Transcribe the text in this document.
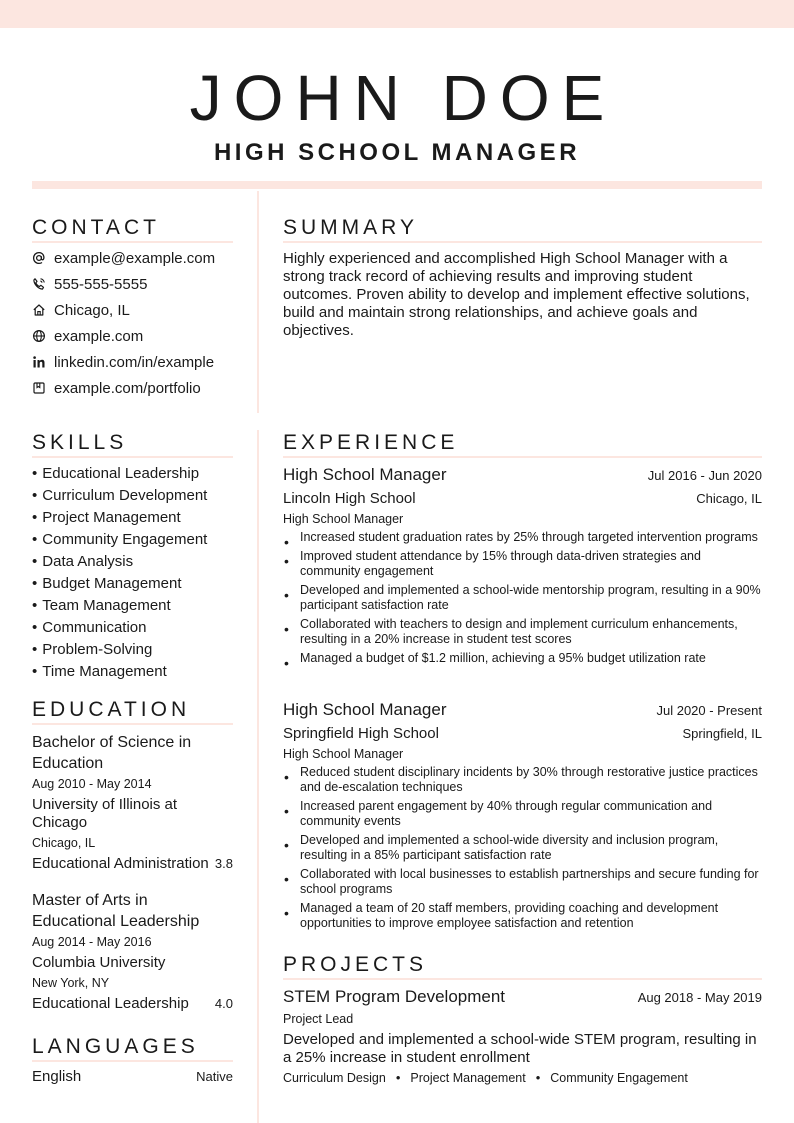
JOHN DOE
HIGH SCHOOL MANAGER
CONTACT
example@example.com
555-555-5555
Chicago, IL
example.com
linkedin.com/in/example
example.com/portfolio
SKILLS
• Educational Leadership
• Curriculum Development
• Project Management
• Community Engagement
• Data Analysis
• Budget Management
• Team Management
• Communication
• Problem-Solving
• Time Management
EDUCATION
Bachelor of Science in Education
Aug 2010 - May 2014
University of Illinois at Chicago
Chicago, IL
Educational Administration 3.8
Master of Arts in Educational Leadership
Aug 2014 - May 2016
Columbia University
New York, NY
Educational Leadership 4.0
LANGUAGES
English	Native
SUMMARY
Highly experienced and accomplished High School Manager with a strong track record of achieving results and improving student outcomes. Proven ability to develop and implement effective solutions, build and maintain strong relationships, and achieve goals and objectives.
EXPERIENCE
High School Manager	Jul 2016 - Jun 2020
Lincoln High School	Chicago, IL
High School Manager
• Increased student graduation rates by 25% through targeted intervention programs
• Improved student attendance by 15% through data-driven strategies and community engagement
• Developed and implemented a school-wide mentorship program, resulting in a 90% participant satisfaction rate
• Collaborated with teachers to design and implement curriculum enhancements, resulting in a 20% increase in student test scores
• Managed a budget of $1.2 million, achieving a 95% budget utilization rate
High School Manager	Jul 2020 - Present
Springfield High School	Springfield, IL
High School Manager
• Reduced student disciplinary incidents by 30% through restorative justice practices and de-escalation techniques
• Increased parent engagement by 40% through regular communication and community events
• Developed and implemented a school-wide diversity and inclusion program, resulting in a 85% participant satisfaction rate
• Collaborated with local businesses to establish partnerships and secure funding for school programs
• Managed a team of 20 staff members, providing coaching and development opportunities to improve employee satisfaction and retention
PROJECTS
STEM Program Development	Aug 2018 - May 2019
Project Lead
Developed and implemented a school-wide STEM program, resulting in a 25% increase in student enrollment
Curriculum Design • Project Management • Community Engagement
